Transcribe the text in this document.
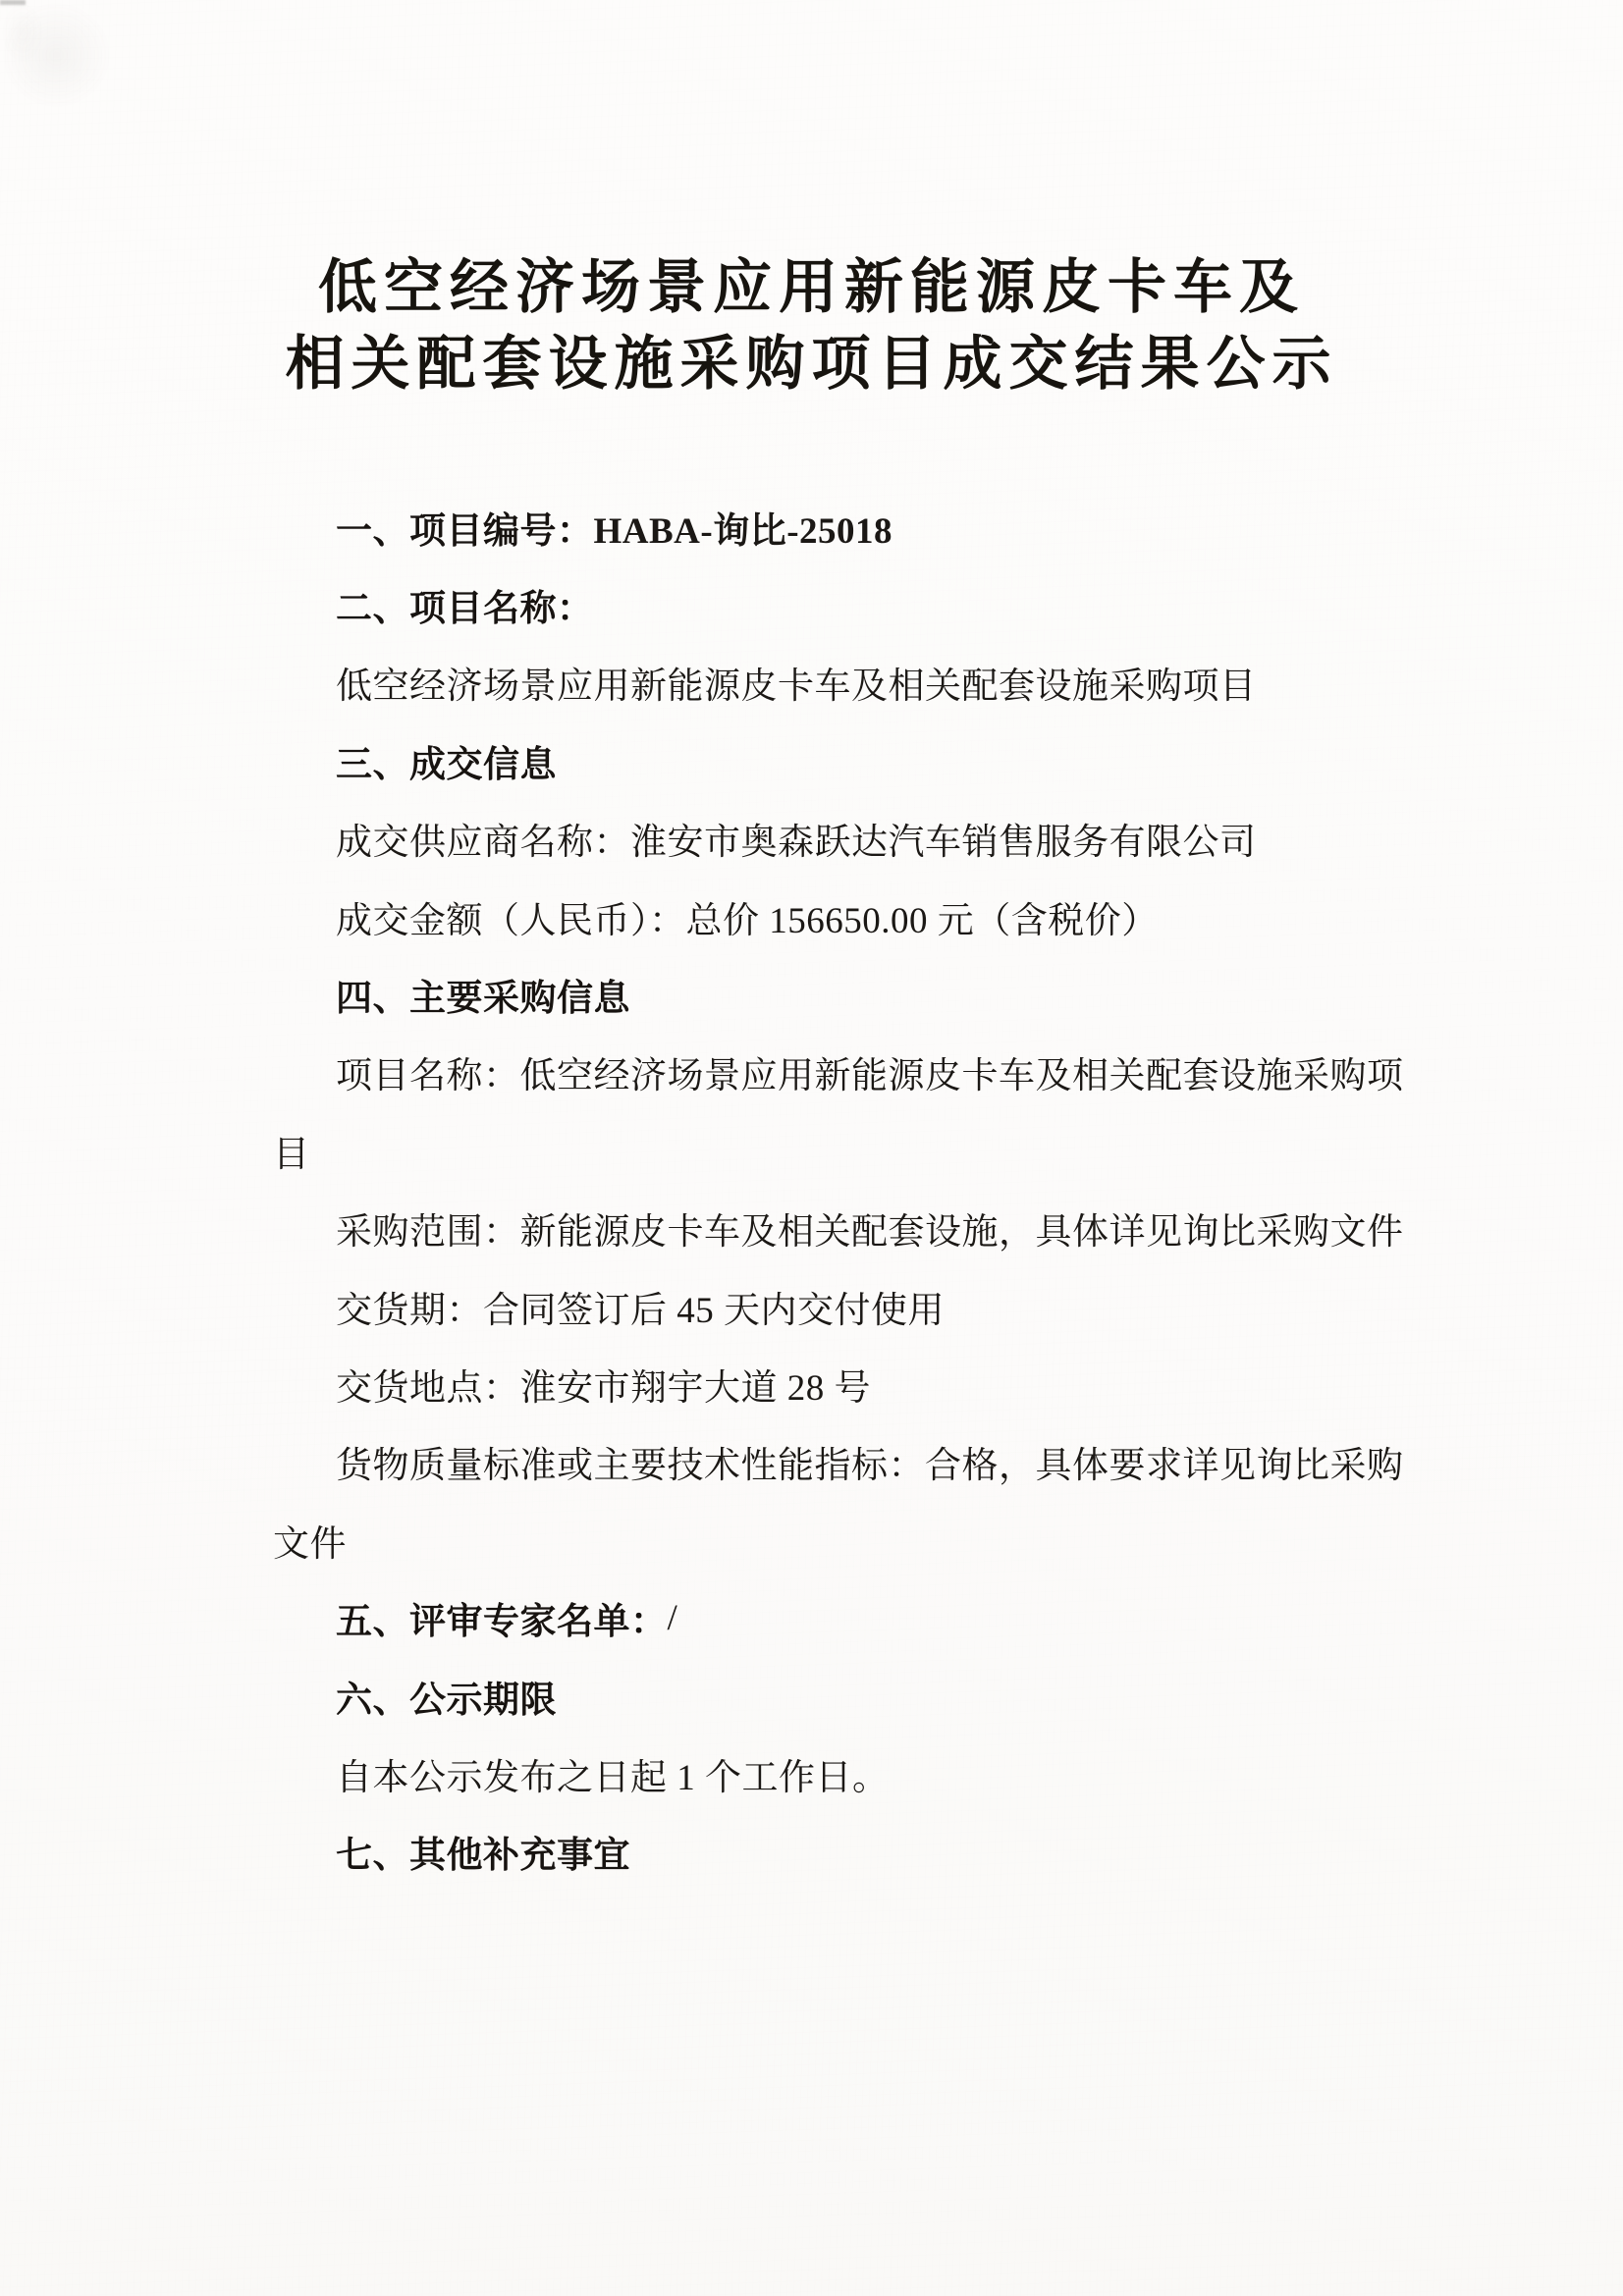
低空经济场景应用新能源皮卡车及
相关配套设施采购项目成交结果公示
一、项目编号： HABA-询比-25018
二、项目名称：
低空经济场景应用新能源皮卡车及相关配套设施采购项目
三、成交信息
成交供应商名称：淮安市奥森跃达汽车销售服务有限公司
成交金额（人民币）：总价 156650.00 元（含税价）
四、主要采购信息
项目名称：低空经济场景应用新能源皮卡车及相关配套设施采购项
目
采购范围：新能源皮卡车及相关配套设施，具体详见询比采购文件
交货期：合同签订后 45 天内交付使用
交货地点：淮安市翔宇大道 28 号
货物质量标准或主要技术性能指标：合格，具体要求详见询比采购
文件
五、评审专家名单： /
六、公示期限
自本公示发布之日起 1 个工作日。
七、其他补充事宜
